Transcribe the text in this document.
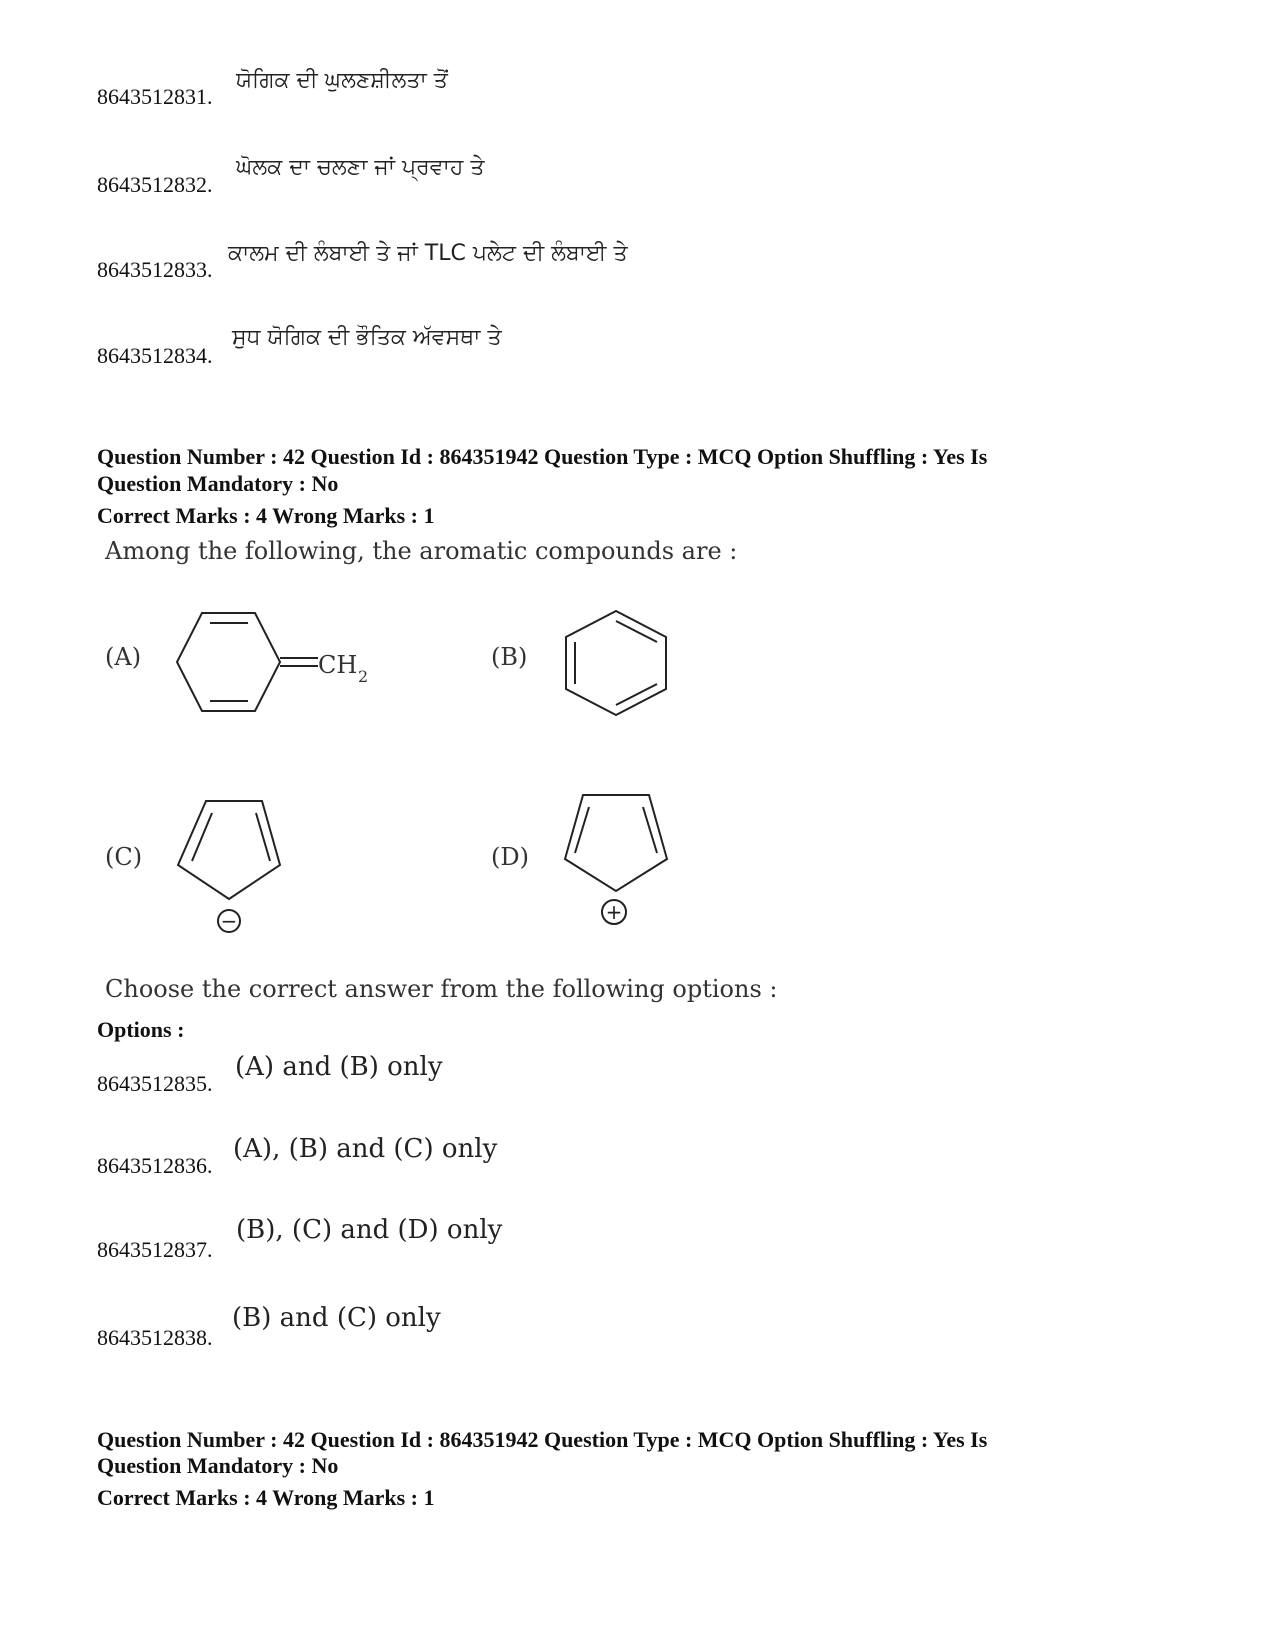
8643512831.
ਯੋਗਿਕ ਦੀ ਘੁਲਣਸ਼ੀਲਤਾ ਤੋਂ
8643512832.
ਘੋਲਕ ਦਾ ਚਲਣਾ ਜਾਂ ਪ੍ਰਵਾਹ ਤੇ
8643512833.
ਕਾਲਮ ਦੀ ਲੰਬਾਈ ਤੇ ਜਾਂ TLC ਪਲੇਟ ਦੀ ਲੰਬਾਈ ਤੇ
8643512834.
ਸੁਧ ਯੋਗਿਕ ਦੀ ਭੌਤਿਕ ਅੱਵਸਥਾ ਤੇ
Question Number : 42 Question Id : 864351942 Question Type : MCQ Option Shuffling : Yes Is
Question Mandatory : No
Correct Marks : 4 Wrong Marks : 1
Among the following, the aromatic compounds are :
(A)	(B)
(C)	(D)
CH 2
−	+
Choose the correct answer from the following options :
Options :
8643512835.
(A) and (B) only
8643512836.
(A), (B) and (C) only
8643512837.
(B), (C) and (D) only
8643512838.
(B) and (C) only
Question Number : 42 Question Id : 864351942 Question Type : MCQ Option Shuffling : Yes Is
Question Mandatory : No
Correct Marks : 4 Wrong Marks : 1
